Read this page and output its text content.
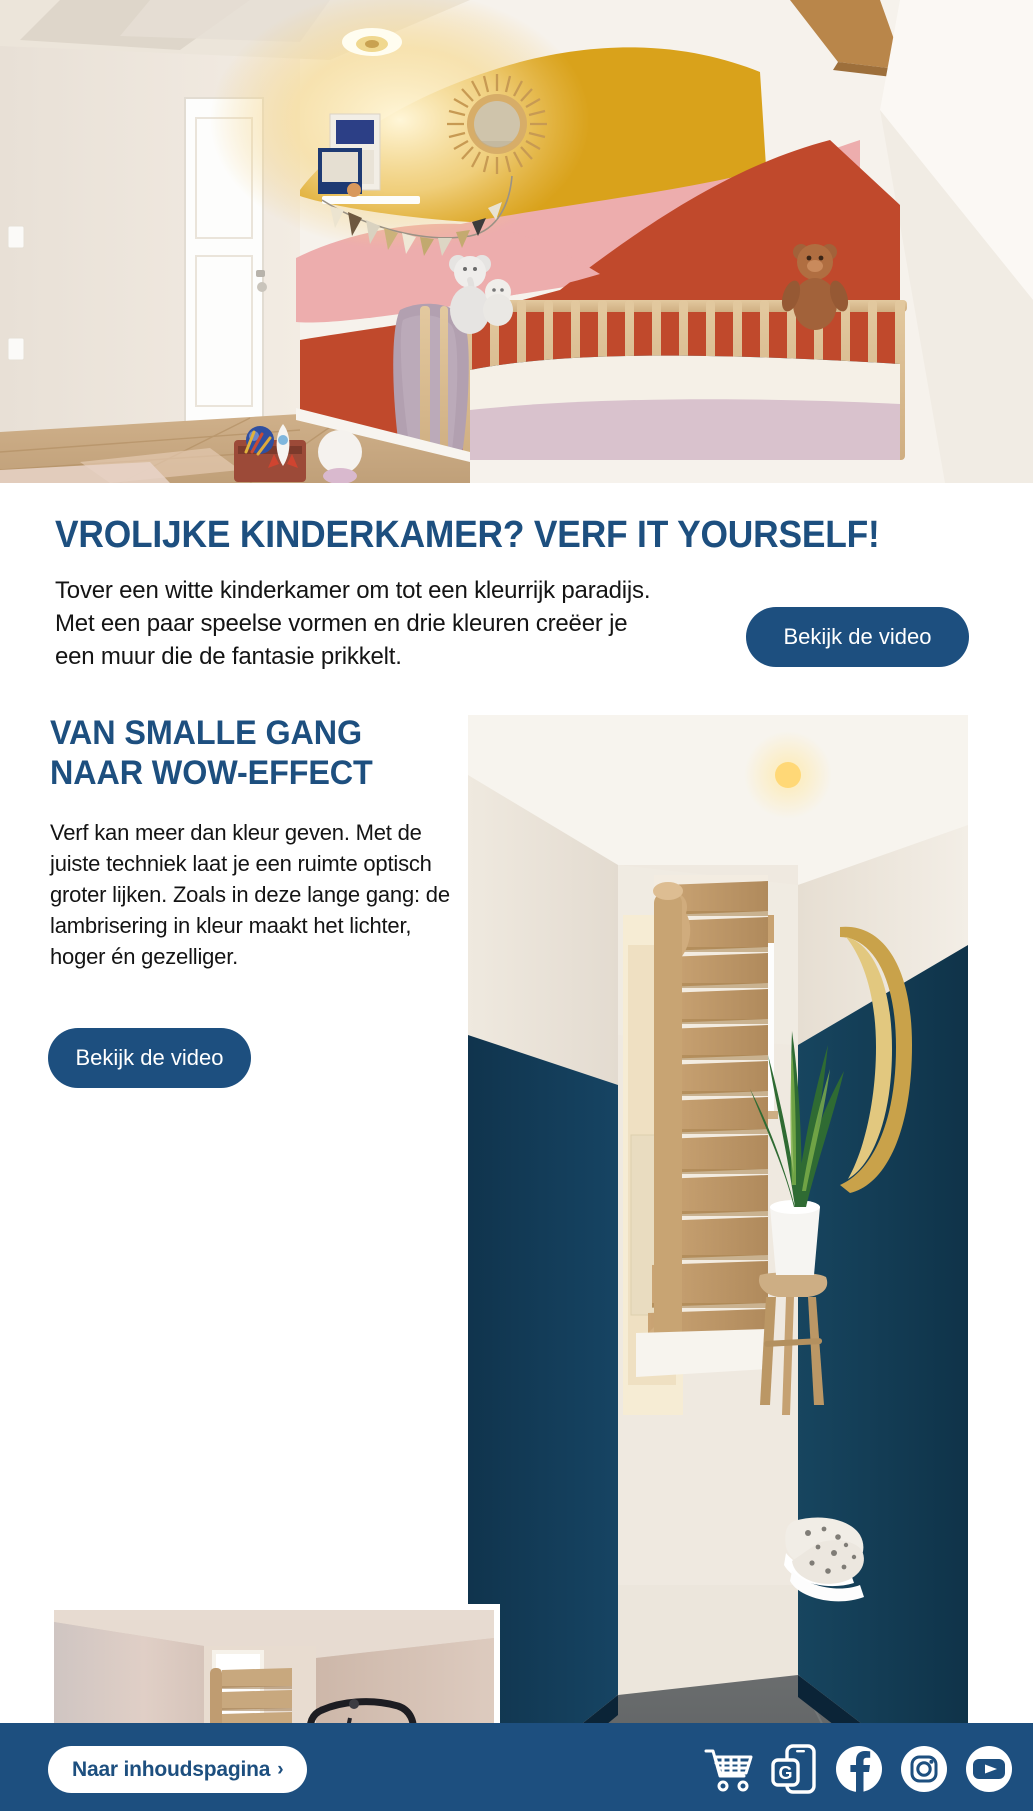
VROLIJKE KINDERKAMER? VERF IT YOURSELF!

Tover een witte kinderkamer om tot een kleurrijk paradijs. Met een paar speelse vormen en drie kleuren creëer je een muur die de fantasie prikkelt.

Bekijk de video
VAN SMALLE GANG
NAAR WOW-EFFECT

Verf kan meer dan kleur geven. Met de juiste techniek laat je een ruimte optisch groter lijken. Zoals in deze lange gang: de lambrisering in kleur maakt het lichter, hoger én gezelliger.

Bekijk de video
Naar inhoudspagina ›	G
